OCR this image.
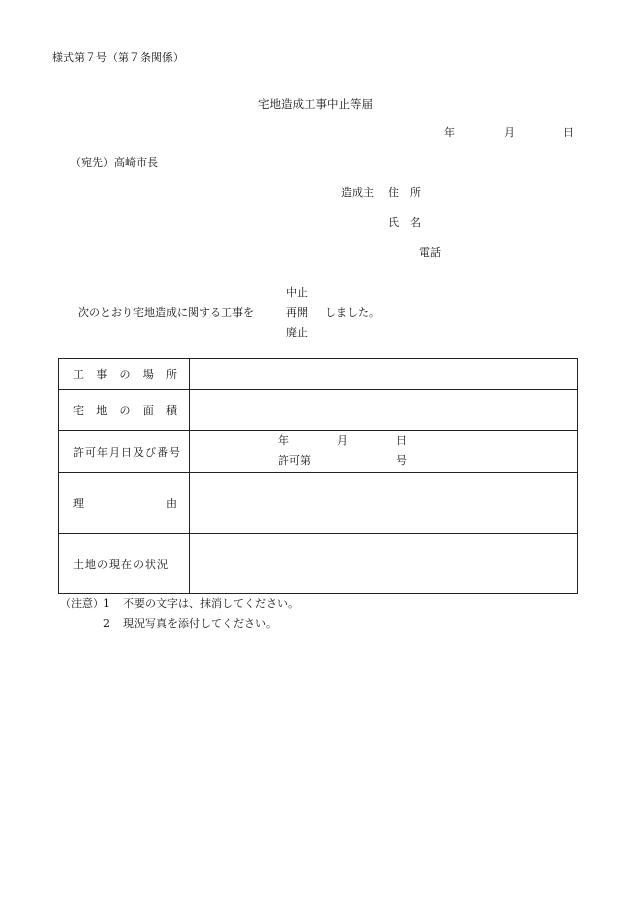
様式第７号（第７条関係）
宅地造成工事中止等届
年	月	日
（宛先）高崎市長
造成主 住　所
氏　名
電話
中止
次のとおり宅地造成に関する工事を	再開 しました。
廃止
工 事 の 場 所	

宅 地 の 面 積	

許可年月日及び番号	年 月 日
許可第 号

理 由	

土地の現在の状況	

（注意） 1 不要の文字は、抹消してください。
2 現況写真を添付してください。
